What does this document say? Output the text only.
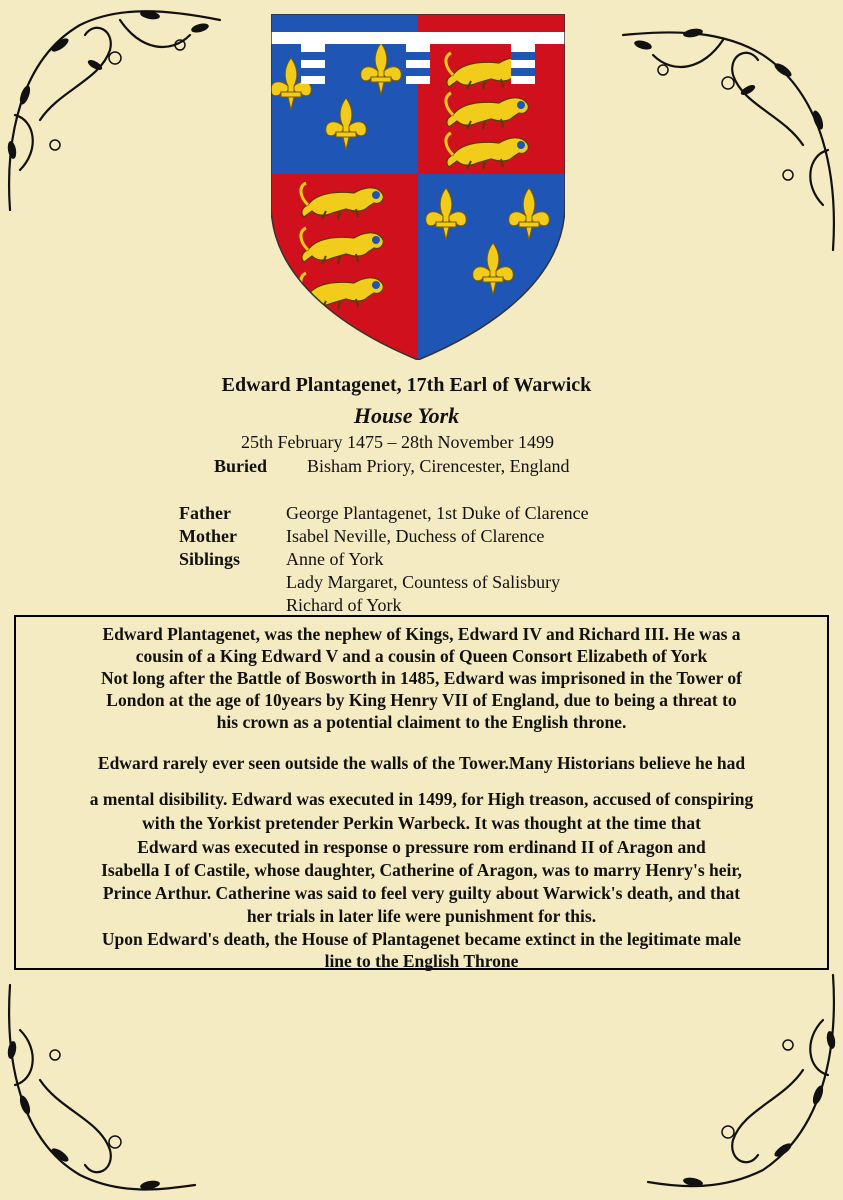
Edward Plantagenet, 17th Earl of Warwick
House York
25th February 1475 – 28th November 1499
Buried Bisham Priory, Cirencester, England
Father	George Plantagenet, 1st Duke of Clarence
Mother	Isabel Neville, Duchess of Clarence
Siblings	Anne of York
Lady Margaret, Countess of Salisbury
Richard of York
Edward Plantagenet, was the nephew of Kings, Edward IV and Richard III. He was a
cousin of a King Edward V and a cousin of Queen Consort Elizabeth of York
Not long after the Battle of Bosworth in 1485, Edward was imprisoned in the Tower of
London at the age of 10years by King Henry VII of England, due to being a threat to
his crown as a potential claiment to the English throne.
Edward rarely ever seen outside the walls of the Tower.Many Historians believe he had
a mental disibility. Edward was executed in 1499, for High treason, accused of conspiring
with the Yorkist pretender Perkin Warbeck. It was thought at the time that
Edward was executed in response o pressure rom erdinand II of Aragon and
Isabella I of Castile, whose daughter, Catherine of Aragon, was to marry Henry's heir,
Prince Arthur. Catherine was said to feel very guilty about Warwick's death, and that
her trials in later life were punishment for this.
Upon Edward's death, the House of Plantagenet became extinct in the legitimate male
line to the English Throne
